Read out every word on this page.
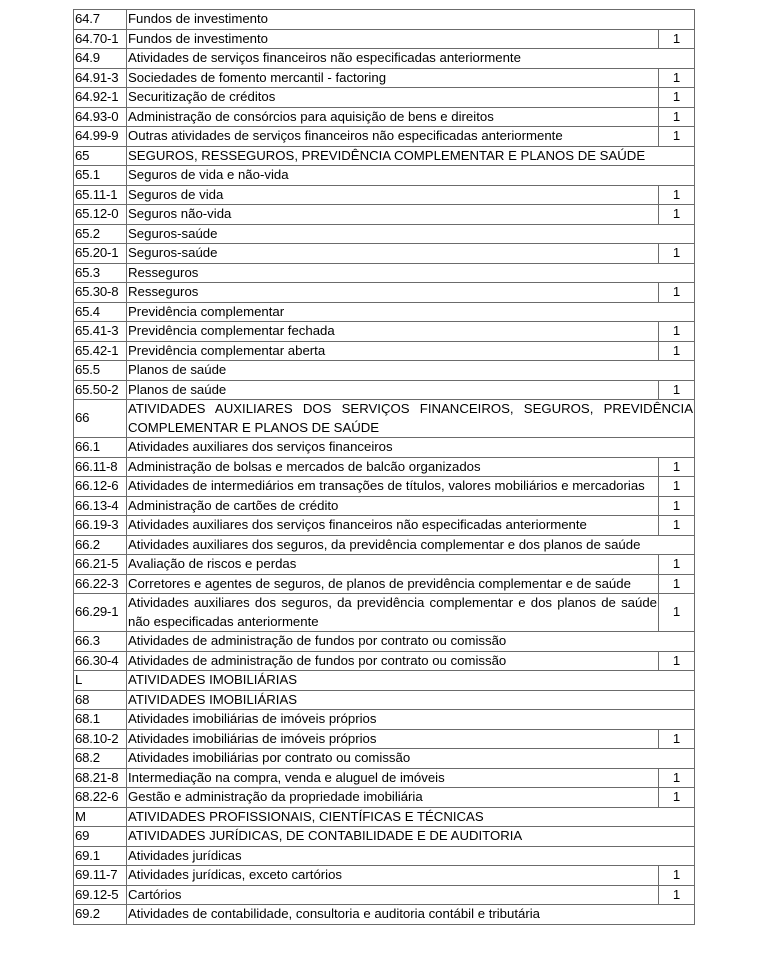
64.7	Fundos de investimento	
64.70-1	Fundos de investimento	1
64.9	Atividades de serviços financeiros não especificadas anteriormente	
64.91-3	Sociedades de fomento mercantil - factoring	1
64.92-1	Securitização de créditos	1
64.93-0	Administração de consórcios para aquisição de bens e direitos	1
64.99-9	Outras atividades de serviços financeiros não especificadas anteriormente	1
65	SEGUROS, RESSEGUROS, PREVIDÊNCIA COMPLEMENTAR E PLANOS DE SAÚDE	
65.1	Seguros de vida e não-vida	
65.11-1	Seguros de vida	1
65.12-0	Seguros não-vida	1
65.2	Seguros-saúde	
65.20-1	Seguros-saúde	1
65.3	Resseguros	
65.30-8	Resseguros	1
65.4	Previdência complementar	
65.41-3	Previdência complementar fechada	1
65.42-1	Previdência complementar aberta	1
65.5	Planos de saúde	
65.50-2	Planos de saúde	1
66	ATIVIDADES AUXILIARES DOS SERVIÇOS FINANCEIROS, SEGUROS, PREVIDÊNCIA COMPLEMENTAR E PLANOS DE SAÚDE	
66.1	Atividades auxiliares dos serviços financeiros	
66.11-8	Administração de bolsas e mercados de balcão organizados	1
66.12-6	Atividades de intermediários em transações de títulos, valores mobiliários e mercadorias	1
66.13-4	Administração de cartões de crédito	1
66.19-3	Atividades auxiliares dos serviços financeiros não especificadas anteriormente	1
66.2	Atividades auxiliares dos seguros, da previdência complementar e dos planos de saúde	
66.21-5	Avaliação de riscos e perdas	1
66.22-3	Corretores e agentes de seguros, de planos de previdência complementar e de saúde	1
66.29-1	Atividades auxiliares dos seguros, da previdência complementar e dos planos de saúde não especificadas anteriormente	1
66.3	Atividades de administração de fundos por contrato ou comissão	
66.30-4	Atividades de administração de fundos por contrato ou comissão	1
L	ATIVIDADES IMOBILIÁRIAS	
68	ATIVIDADES IMOBILIÁRIAS	
68.1	Atividades imobiliárias de imóveis próprios	
68.10-2	Atividades imobiliárias de imóveis próprios	1
68.2	Atividades imobiliárias por contrato ou comissão	
68.21-8	Intermediação na compra, venda e aluguel de imóveis	1
68.22-6	Gestão e administração da propriedade imobiliária	1
M	ATIVIDADES PROFISSIONAIS, CIENTÍFICAS E TÉCNICAS	
69	ATIVIDADES JURÍDICAS, DE CONTABILIDADE E DE AUDITORIA	
69.1	Atividades jurídicas	
69.11-7	Atividades jurídicas, exceto cartórios	1
69.12-5	Cartórios	1
69.2	Atividades de contabilidade, consultoria e auditoria contábil e tributária	
